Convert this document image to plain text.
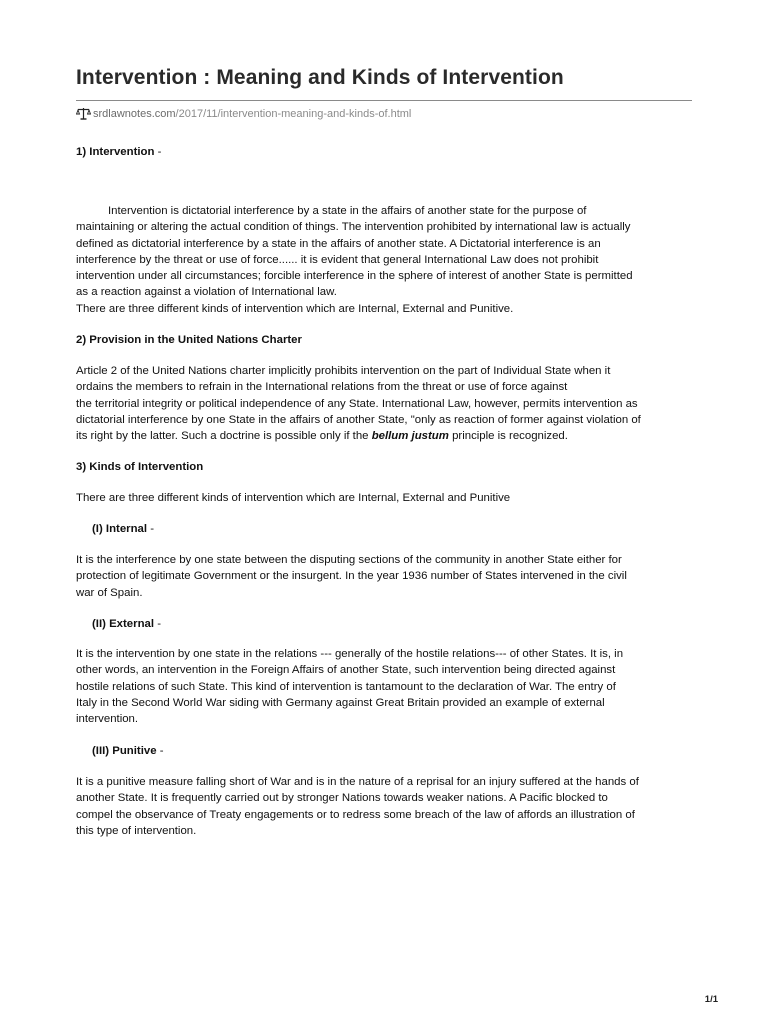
Intervention : Meaning and Kinds of Intervention
srdlawnotes.com /2017/11/intervention-meaning-and-kinds-of.html
1) Intervention -
Intervention is dictatorial interference by a state in the affairs of another state for the purpose of
maintaining or altering the actual condition of things. The intervention prohibited by international law is actually
defined as dictatorial interference by a state in the affairs of another state. A Dictatorial interference is an
interference by the threat or use of force...... it is evident that general International Law does not prohibit
intervention under all circumstances; forcible interference in the sphere of interest of another State is permitted
as a reaction against a violation of International law.
There are three different kinds of intervention which are Internal, External and Punitive.
2) Provision in the United Nations Charter
Article 2 of the United Nations charter implicitly prohibits intervention on the part of Individual State when it
ordains the members to refrain in the International relations from the threat or use of force against
the territorial integrity or political independence of any State. International Law, however, permits intervention as
dictatorial interference by one State in the affairs of another State, "only as reaction of former against violation of
its right by the latter. Such a doctrine is possible only if the bellum justum principle is recognized.
3) Kinds of Intervention
There are three different kinds of intervention which are Internal, External and Punitive
(I) Internal -
It is the interference by one state between the disputing sections of the community in another State either for
protection of legitimate Government or the insurgent. In the year 1936 number of States intervened in the civil
war of Spain.
(II) External -
It is the intervention by one state in the relations --- generally of the hostile relations--- of other States. It is, in
other words, an intervention in the Foreign Affairs of another State, such intervention being directed against
hostile relations of such State. This kind of intervention is tantamount to the declaration of War. The entry of
Italy in the Second World War siding with Germany against Great Britain provided an example of external
intervention.
(III) Punitive -
It is a punitive measure falling short of War and is in the nature of a reprisal for an injury suffered at the hands of
another State. It is frequently carried out by stronger Nations towards weaker nations. A Pacific blocked to
compel the observance of Treaty engagements or to redress some breach of the law of affords an illustration of
this type of intervention.
1/1
